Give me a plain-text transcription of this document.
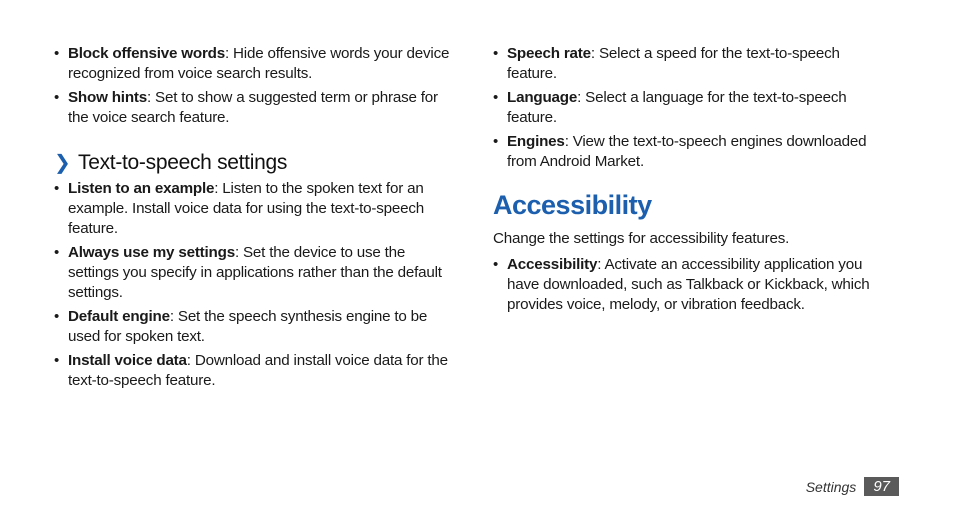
• Block offensive words: Hide offensive words your device recognized from voice search results.
• Show hints: Set to show a suggested term or phrase for the voice search feature.
❯ Text-to-speech settings
• Listen to an example: Listen to the spoken text for an example. Install voice data for using the text-to-speech feature.
• Always use my settings: Set the device to use the settings you specify in applications rather than the default settings.
• Default engine: Set the speech synthesis engine to be used for spoken text.
• Install voice data: Download and install voice data for the text-to-speech feature.
• Speech rate: Select a speed for the text-to-speech feature.
• Language: Select a language for the text-to-speech feature.
• Engines: View the text-to-speech engines downloaded from Android Market.
Accessibility
Change the settings for accessibility features.
• Accessibility: Activate an accessibility application you have downloaded, such as Talkback or Kickback, which provides voice, melody, or vibration feedback.
Settings	97
